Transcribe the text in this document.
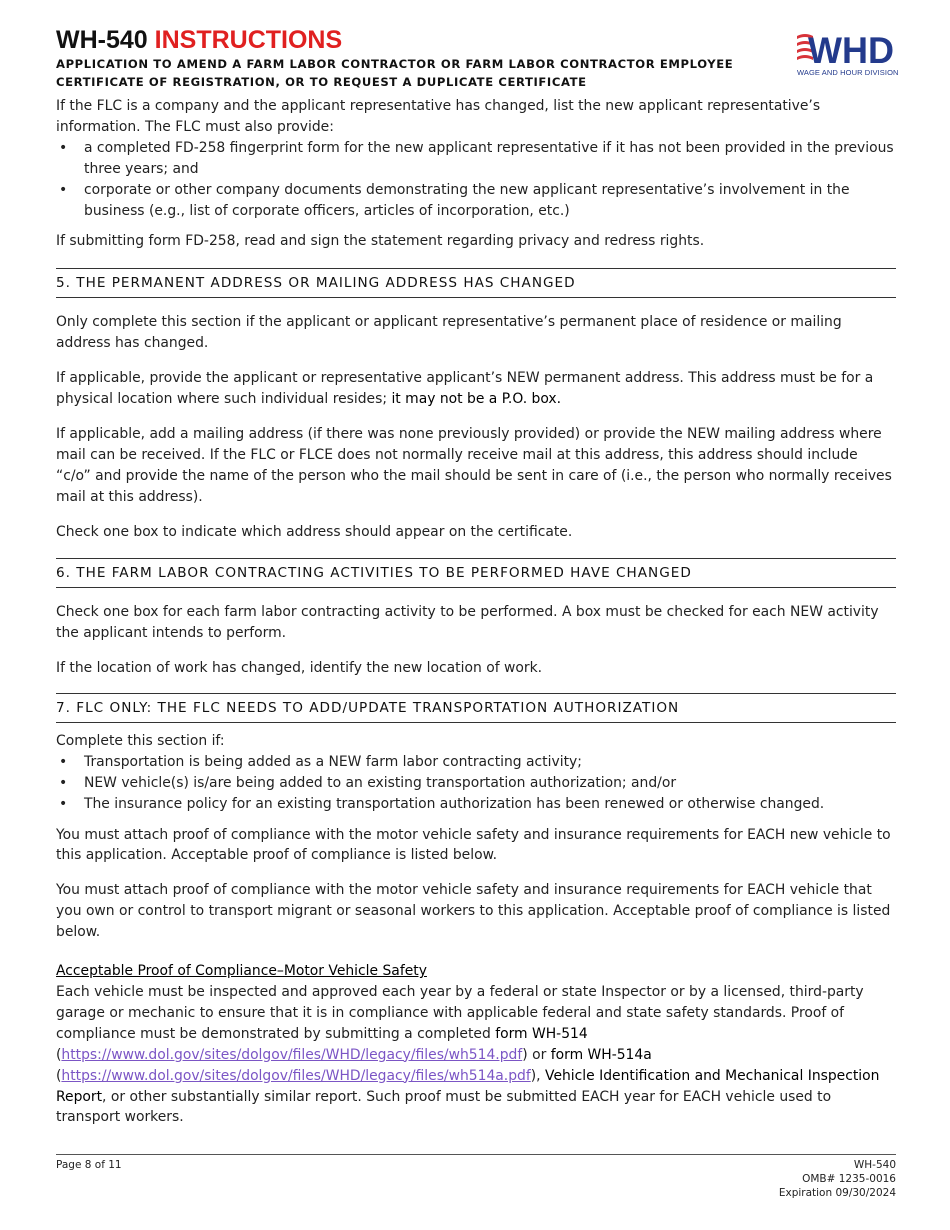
WH-540 INSTRUCTIONS
APPLICATION TO AMEND A FARM LABOR CONTRACTOR OR FARM LABOR CONTRACTOR EMPLOYEE
CERTIFICATE OF REGISTRATION, OR TO REQUEST A DUPLICATE CERTIFICATE
WHD
WAGE AND HOUR DIVISION

If the FLC is a company and the applicant representative has changed, list the new applicant representative’s information. The FLC must also provide:

• a completed FD-258 fingerprint form for the new applicant representative if it has not been provided in the previous three years; and
• corporate or other company documents demonstrating the new applicant representative’s involvement in the business (e.g., list of corporate officers, articles of incorporation, etc.)

If submitting form FD-258, read and sign the statement regarding privacy and redress rights.

5. THE PERMANENT ADDRESS OR MAILING ADDRESS HAS CHANGED

Only complete this section if the applicant or applicant representative’s permanent place of residence or mailing address has changed.

If applicable, provide the applicant or representative applicant’s NEW permanent address. This address must be for a physical location where such individual resides; it may not be a P.O. box.

If applicable, add a mailing address (if there was none previously provided) or provide the NEW mailing address where mail can be received. If the FLC or FLCE does not normally receive mail at this address, this address should include “c/o” and provide the name of the person who the mail should be sent in care of (i.e., the person who normally receives mail at this address).

Check one box to indicate which address should appear on the certificate.

6. THE FARM LABOR CONTRACTING ACTIVITIES TO BE PERFORMED HAVE CHANGED

Check one box for each farm labor contracting activity to be performed. A box must be checked for each NEW activity the applicant intends to perform.

If the location of work has changed, identify the new location of work.

7. FLC ONLY: THE FLC NEEDS TO ADD/UPDATE TRANSPORTATION AUTHORIZATION

Complete this section if:

• Transportation is being added as a NEW farm labor contracting activity;
• NEW vehicle(s) is/are being added to an existing transportation authorization; and/or
• The insurance policy for an existing transportation authorization has been renewed or otherwise changed.

You must attach proof of compliance with the motor vehicle safety and insurance requirements for EACH new vehicle to this application. Acceptable proof of compliance is listed below.

You must attach proof of compliance with the motor vehicle safety and insurance requirements for EACH vehicle that you own or control to transport migrant or seasonal workers to this application. Acceptable proof of compliance is listed below.

Acceptable Proof of Compliance–Motor Vehicle Safety

Each vehicle must be inspected and approved each year by a federal or state Inspector or by a licensed, third-party garage or mechanic to ensure that it is in compliance with applicable federal and state safety standards. Proof of compliance must be demonstrated by submitting a completed form WH-514
(https://www.dol.gov/sites/dolgov/files/WHD/legacy/files/wh514.pdf) or form WH-514a
(https://www.dol.gov/sites/dolgov/files/WHD/legacy/files/wh514a.pdf), Vehicle Identification and Mechanical Inspection Report, or other substantially similar report. Such proof must be submitted EACH year for EACH vehicle used to transport workers.

Page 8 of 11	WH-540
OMB# 1235-0016
Expiration 09/30/2024
